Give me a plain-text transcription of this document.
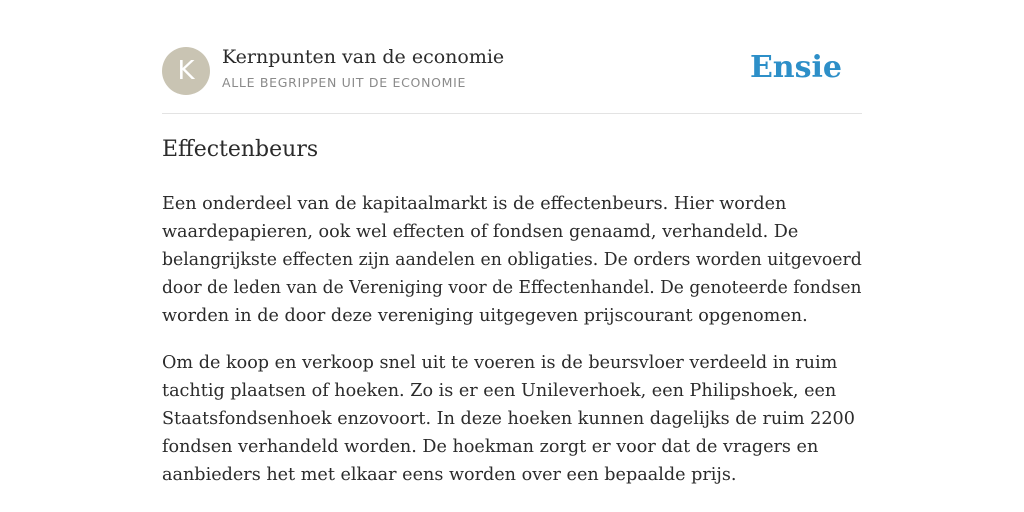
K	Kernpunten van de economie
ALLE BEGRIPPEN UIT DE ECONOMIE	Ensie
Effectenbeurs

Een onderdeel van de kapitaalmarkt is de effectenbeurs. Hier worden
waardepapieren, ook wel effecten of fondsen genaamd, verhandeld. De
belangrijkste effecten zijn aandelen en obligaties. De orders worden uitgevoerd
door de leden van de Vereniging voor de Effectenhandel. De genoteerde fondsen
worden in de door deze vereniging uitgegeven prijscourant opgenomen.

Om de koop en verkoop snel uit te voeren is de beursvloer verdeeld in ruim
tachtig plaatsen of hoeken. Zo is er een Unileverhoek, een Philipshoek, een
Staatsfondsenhoek enzovoort. In deze hoeken kunnen dagelijks de ruim 2200
fondsen verhandeld worden. De hoekman zorgt er voor dat de vragers en
aanbieders het met elkaar eens worden over een bepaalde prijs.
